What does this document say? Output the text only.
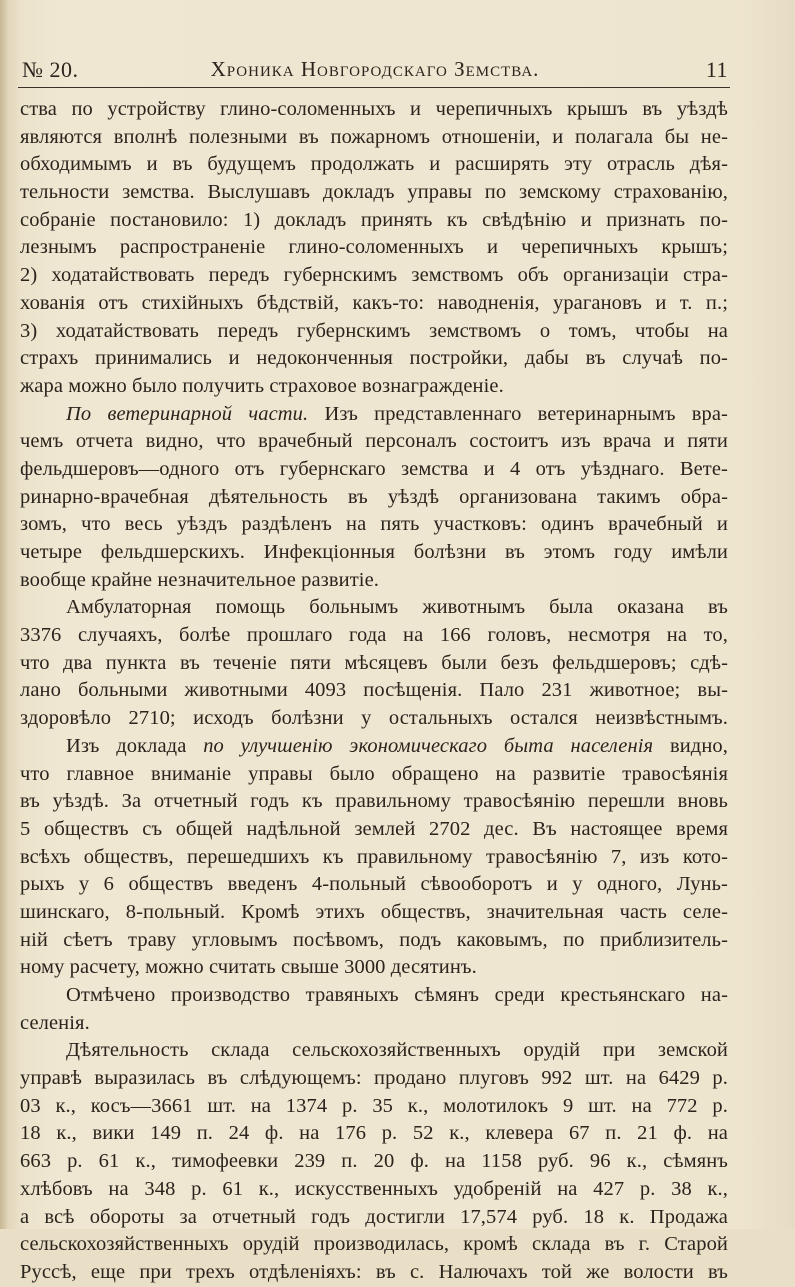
№ 20.	Хроника Новгородскаго Земства.	11
ства по устройству глино-соломенныхъ и черепичныхъ крышъ въ уѣздѣ
являются вполнѣ полезными въ пожарномъ отношеніи, и полагала бы не-
обходимымъ и въ будущемъ продолжать и расширять эту отрасль дѣя-
тельности земства. Выслушавъ докладъ управы по земскому страхованію,
собраніе постановило: 1) докладъ принять къ свѣдѣнію и признать по-
лезнымъ распространеніе глино-соломенныхъ и черепичныхъ крышъ;
2) ходатайствовать передъ губернскимъ земствомъ объ организаціи стра-
хованія отъ стихійныхъ бѣдствій, какъ-то: наводненія, урагановъ и т. п.;
3) ходатайствовать передъ губернскимъ земствомъ о томъ, чтобы на
страхъ принимались и недоконченныя постройки, дабы въ случаѣ по-
жара можно было получить страховое вознагражденіе.
По ветеринарной части. Изъ представленнаго ветеринарнымъ вра-
чемъ отчета видно, что врачебный персоналъ состоитъ изъ врача и пяти
фельдшеровъ—одного отъ губернскаго земства и 4 отъ уѣзднаго. Вете-
ринарно-врачебная дѣятельность въ уѣздѣ организована такимъ обра-
зомъ, что весь уѣздъ раздѣленъ на пять участковъ: одинъ врачебный и
четыре фельдшерскихъ. Инфекціонныя болѣзни въ этомъ году имѣли
вообще крайне незначительное развитіе.
Амбулаторная помощь больнымъ животнымъ была оказана въ
3376 случаяхъ, болѣе прошлаго года на 166 головъ, несмотря на то,
что два пункта въ теченіе пяти мѣсяцевъ были безъ фельдшеровъ; сдѣ-
лано больными животными 4093 посѣщенія. Пало 231 животное; вы-
здоровѣло 2710; исходъ болѣзни у остальныхъ остался неизвѣстнымъ.
Изъ доклада по улучшенію экономическаго быта населенія видно,
что главное вниманіе управы было обращено на развитіе травосѣянія
въ уѣздѣ. За отчетный годъ къ правильному травосѣянію перешли вновь
5 обществъ съ общей надѣльной землей 2702 дес. Въ настоящее время
всѣхъ обществъ, перешедшихъ къ правильному травосѣянію 7, изъ кото-
рыхъ у 6 обществъ введенъ 4-польный сѣвооборотъ и у одного, Лунь-
шинскаго, 8-польный. Кромѣ этихъ обществъ, значительная часть селе-
ній сѣетъ траву угловымъ посѣвомъ, подъ каковымъ, по приблизитель-
ному расчету, можно считать свыше 3000 десятинъ.
Отмѣчено производство травяныхъ сѣмянъ среди крестьянскаго на-
селенія.
Дѣятельность склада сельскохозяйственныхъ орудій при земской
управѣ выразилась въ слѣдующемъ: продано плуговъ 992 шт. на 6429 р.
03 к., косъ—3661 шт. на 1374 р. 35 к., молотилокъ 9 шт. на 772 р.
18 к., вики 149 п. 24 ф. на 176 р. 52 к., клевера 67 п. 21 ф. на
663 р. 61 к., тимофеевки 239 п. 20 ф. на 1158 руб. 96 к., сѣмянъ
хлѣбовъ на 348 р. 61 к., искусственныхъ удобреній на 427 р. 38 к.,
а всѣ обороты за отчетный годъ достигли 17,574 руб. 18 к. Продажа
сельскохозяйственныхъ орудій производилась, кромѣ склада въ г. Старой
Руссѣ, еще при трехъ отдѣленіяхъ: въ с. Налючахъ той же волости въ
